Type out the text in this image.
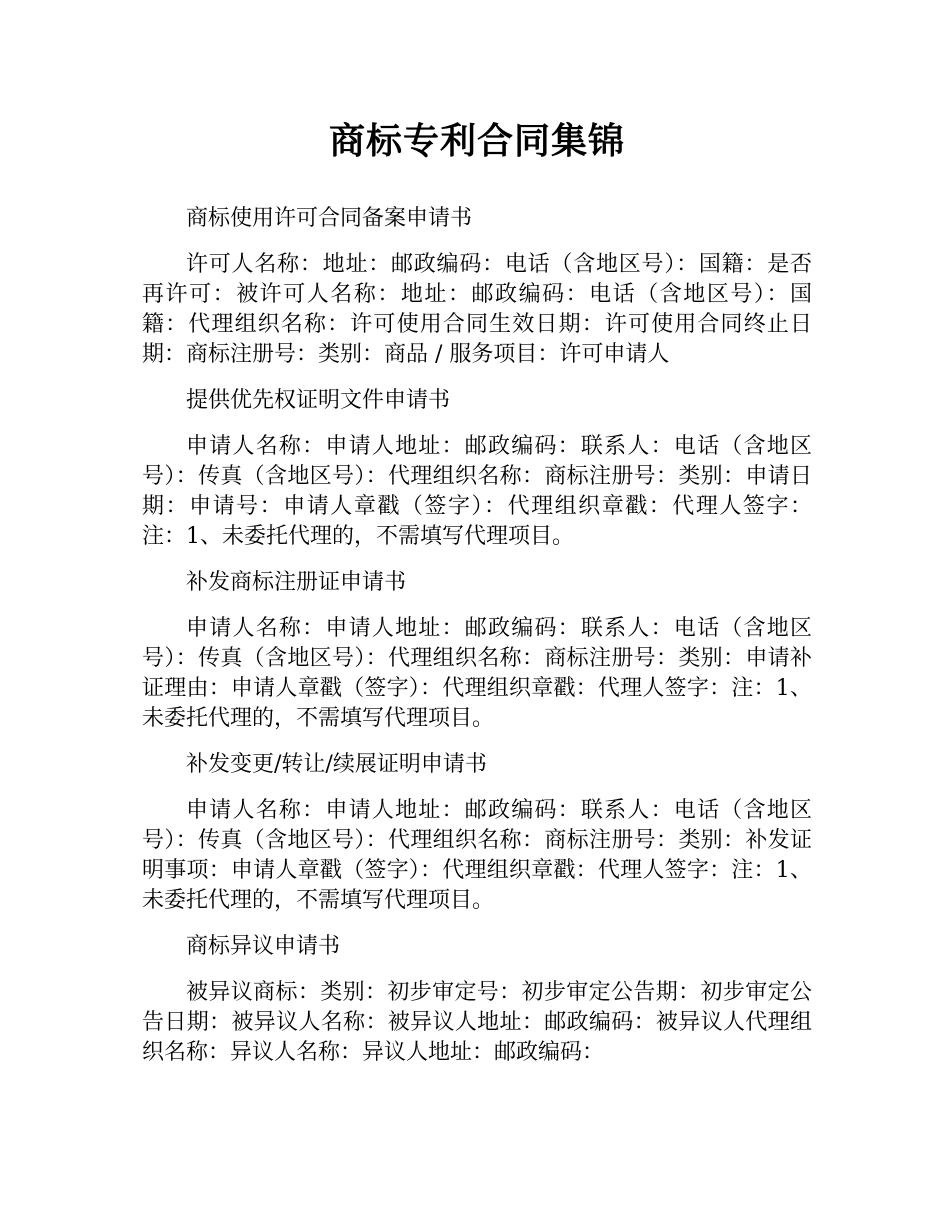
商标专利合同集锦

商标使用许可合同备案申请书

许可人名称：地址：邮政编码：电话（含地区号）：国籍：是否再许可：被许可人名称：地址：邮政编码：电话（含地区号）：国籍：代理组织名称：许可使用合同生效日期：许可使用合同终止日期：商标注册号：类别：商品 / 服务项目：许可申请人

提供优先权证明文件申请书

申请人名称：申请人地址：邮政编码：联系人：电话（含地区号）：传真（含地区号）：代理组织名称：商标注册号：类别：申请日期：申请号：申请人章戳（签字）：代理组织章戳：代理人签字：注：1、未委托代理的，不需填写代理项目。

补发商标注册证申请书

申请人名称：申请人地址：邮政编码：联系人：电话（含地区号）：传真（含地区号）：代理组织名称：商标注册号：类别：申请补证理由：申请人章戳（签字）：代理组织章戳：代理人签字：注：1、未委托代理的，不需填写代理项目。

补发变更/转让/续展证明申请书

申请人名称：申请人地址：邮政编码：联系人：电话（含地区号）：传真（含地区号）：代理组织名称：商标注册号：类别：补发证明事项：申请人章戳（签字）：代理组织章戳：代理人签字：注：1、未委托代理的，不需填写代理项目。

商标异议申请书

被异议商标：类别：初步审定号：初步审定公告期：初步审定公告日期：被异议人名称：被异议人地址：邮政编码：被异议人代理组织名称：异议人名称：异议人地址：邮政编码：
